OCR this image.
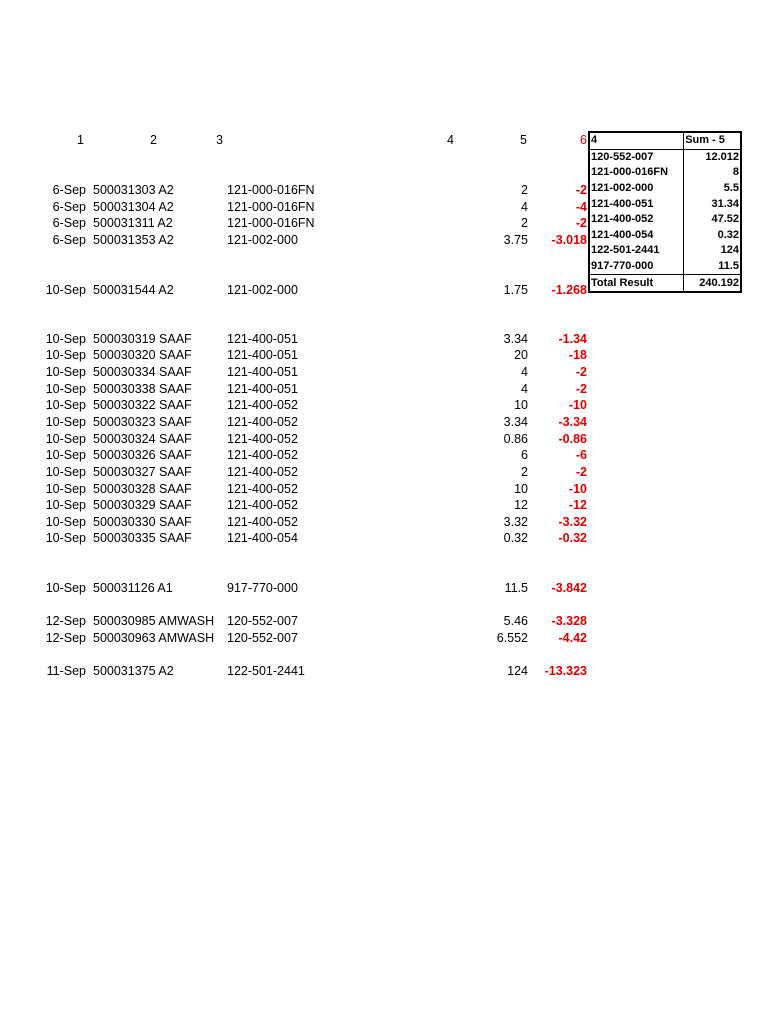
1	2	3	4	5	6
6-Sep 500031303 A2	121-000-016FN	2	-2
6-Sep 500031304 A2	121-000-016FN	4	-4
6-Sep 500031311 A2	121-000-016FN	2	-2
6-Sep 500031353 A2	121-002-000	3.75 -3.018
10-Sep 500031544 A2	121-002-000	1.75 -1.268
10-Sep 500030319 SAAF	121-400-051	3.34 -1.34
10-Sep 500030320 SAAF	121-400-051	20	-18
10-Sep 500030334 SAAF	121-400-051	4	-2
10-Sep 500030338 SAAF	121-400-051	4	-2
10-Sep 500030322 SAAF	121-400-052	10	-10
10-Sep 500030323 SAAF	121-400-052	3.34 -3.34
10-Sep 500030324 SAAF	121-400-052	0.86 -0.86
10-Sep 500030326 SAAF	121-400-052	6	-6
10-Sep 500030327 SAAF	121-400-052	2	-2
10-Sep 500030328 SAAF	121-400-052	10	-10
10-Sep 500030329 SAAF	121-400-052	12	-12
10-Sep 500030330 SAAF	121-400-052	3.32 -3.32
10-Sep 500030335 SAAF	121-400-054	0.32 -0.32
10-Sep 500031126 A1	917-770-000	11.5 -3.842
12-Sep 500030985 AMWASH 120-552-007	5.46 -3.328
12-Sep 500030963 AMWASH 120-552-007	6.552 -4.42
11-Sep 500031375 A2	122-501-2441	124 -13.323
4	Sum - 5
120-552-007	12.012
121-000-016FN	8
121-002-000	5.5
121-400-051	31.34
121-400-052	47.52
121-400-054	0.32
122-501-2441	124
917-770-000	11.5
Total Result	240.192
